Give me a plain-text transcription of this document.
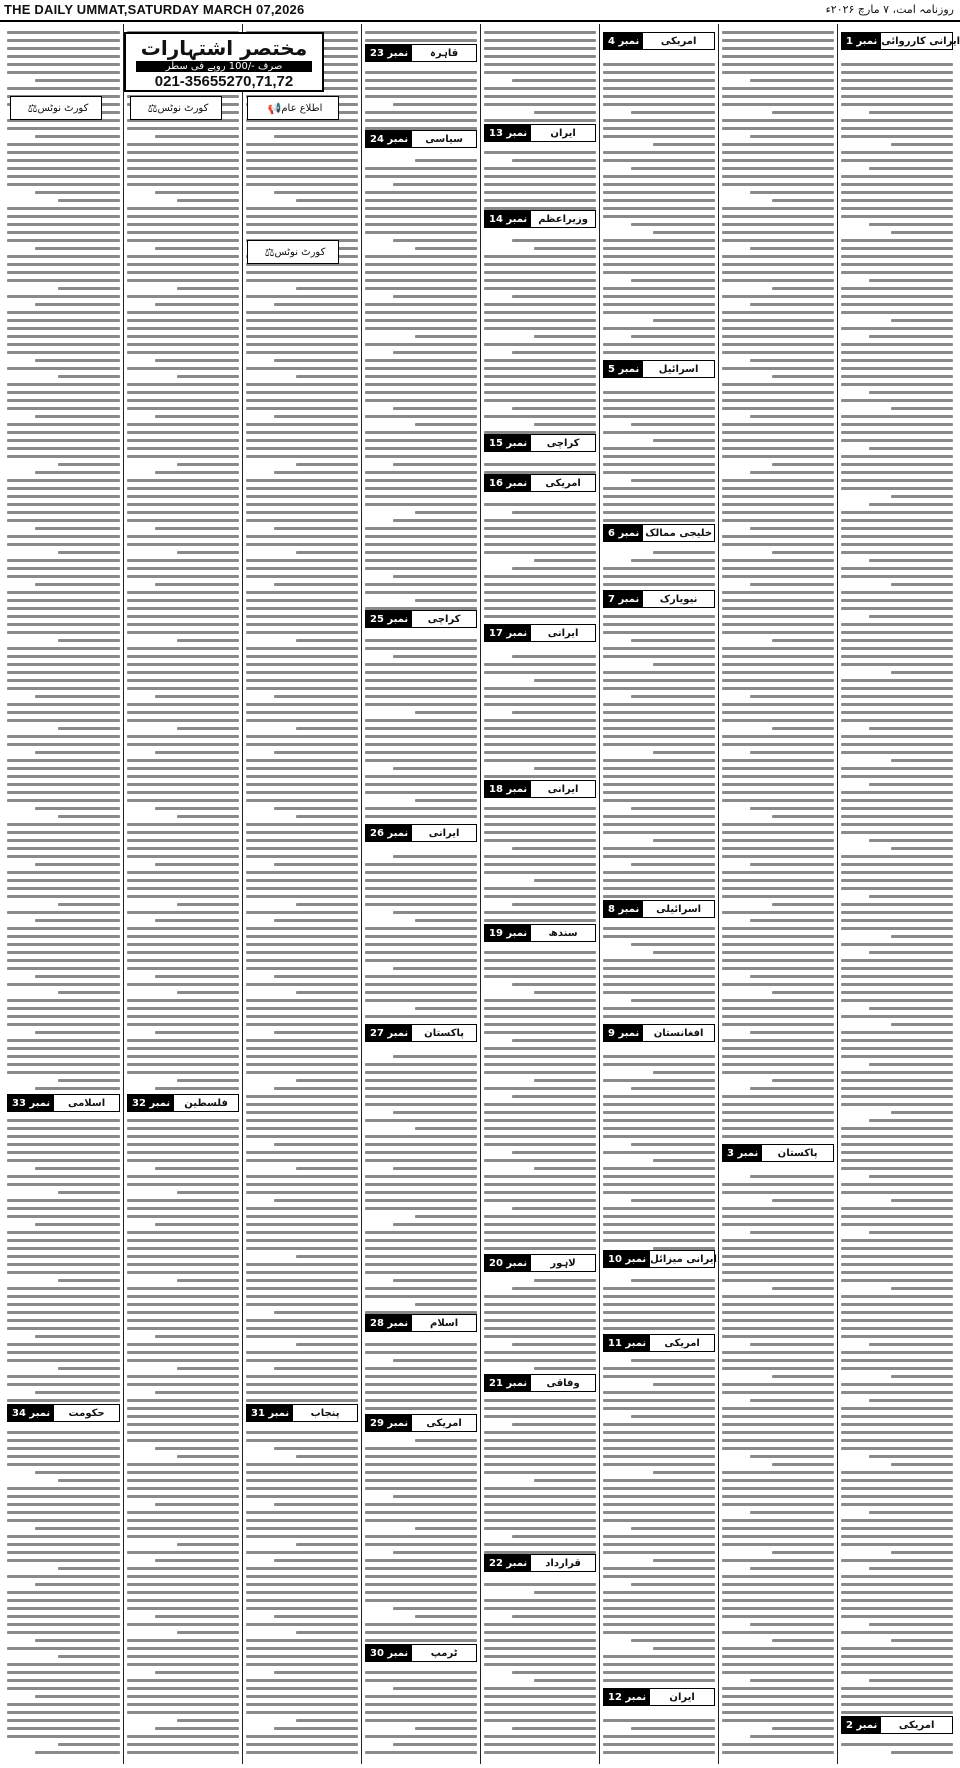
THE DAILY UMMAT,SATURDAY MARCH 07,2026	روزنامہ امت، ۷ مارچ ۲۰۲۶ء
نمبر 33	اسلامی
نمبر 34	حکومت
نمبر 32	فلسطین
نمبر 31	پنجاب
نمبر 23	قاہرہ
نمبر 24	سیاسی
نمبر 25	کراچی
نمبر 26	ایرانی
نمبر 27	پاکستان
نمبر 28	اسلام
نمبر 29	امریکی
نمبر 30	ٹرمپ
نمبر 13	ایران
نمبر 14	وزیراعظم
نمبر 15	کراچی
نمبر 16	امریکی
نمبر 17	ایرانی
نمبر 18	ایرانی
نمبر 19	سندھ
نمبر 20	لاہور
نمبر 21	وفاقی
نمبر 22	قرارداد
نمبر 4	امریکی
نمبر 5	اسرائیل
نمبر 6 خلیجی ممالک
نمبر 7	نیویارک
نمبر 8	اسرائیلی
نمبر 9	افغانستان
نمبر 10 ایرانی میزائل
نمبر 11	امریکی
نمبر 12	ایران
نمبر 3	پاکستان
نمبر 1 ایرانی کارروائی
نمبر 2	امریکی
مختصر اشتہارات
صرف -/100 روپے فی سطر
021-35655270,71,72
کورٹ نوٹس
⚖	کورٹ نوٹس
⚖	اطلاع عام
📢
کورٹ نوٹس
⚖
